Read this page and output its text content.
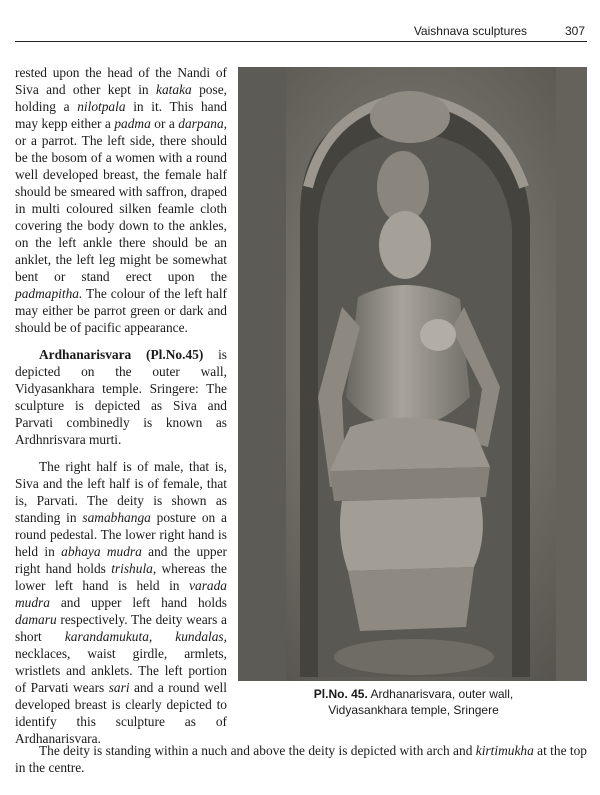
Vaishnava sculptures	307

rested upon the head of the Nandi of Siva and other kept in kataka pose, holding a nilotpala in it. This hand may kepp either a padma or a darpana, or a parrot. The left side, there should be the bosom of a women with a round well developed breast, the female half should be smeared with saffron, draped in multi coloured silken feamle cloth covering the body down to the ankles, on the left ankle there should be an anklet, the left leg might be somewhat bent or stand erect upon the padmapitha. The colour of the left half may either be parrot green or dark and should be of pacific appearance.

Ardhanarisvara (Pl.No.45) is depicted on the outer wall, Vidyasankhara temple. Sringere: The sculpture is depicted as Siva and Parvati combinedly is known as Ardhnrisvara murti.

The right half is of male, that is, Siva and the left half is of female, that is, Parvati. The deity is shown as standing in samabhanga posture on a round pedestal. The lower right hand is held in abhaya mudra and the upper right hand holds trishula, whereas the lower left hand is held in varada mudra and upper left hand holds damaru respectively. The deity wears a short karandamukuta, kundalas, necklaces, waist girdle, armlets, wristlets and anklets. The left portion of Parvati wears sari and a round well developed breast is clearly depicted to identify this sculpture as of Ardhanarisvara.

Pl.No. 45. Ardhanarisvara, outer wall,
Vidyasankhara temple, Sringere

The deity is standing within a nuch and above the deity is depicted with arch and kirtimukha at the top in the centre.
